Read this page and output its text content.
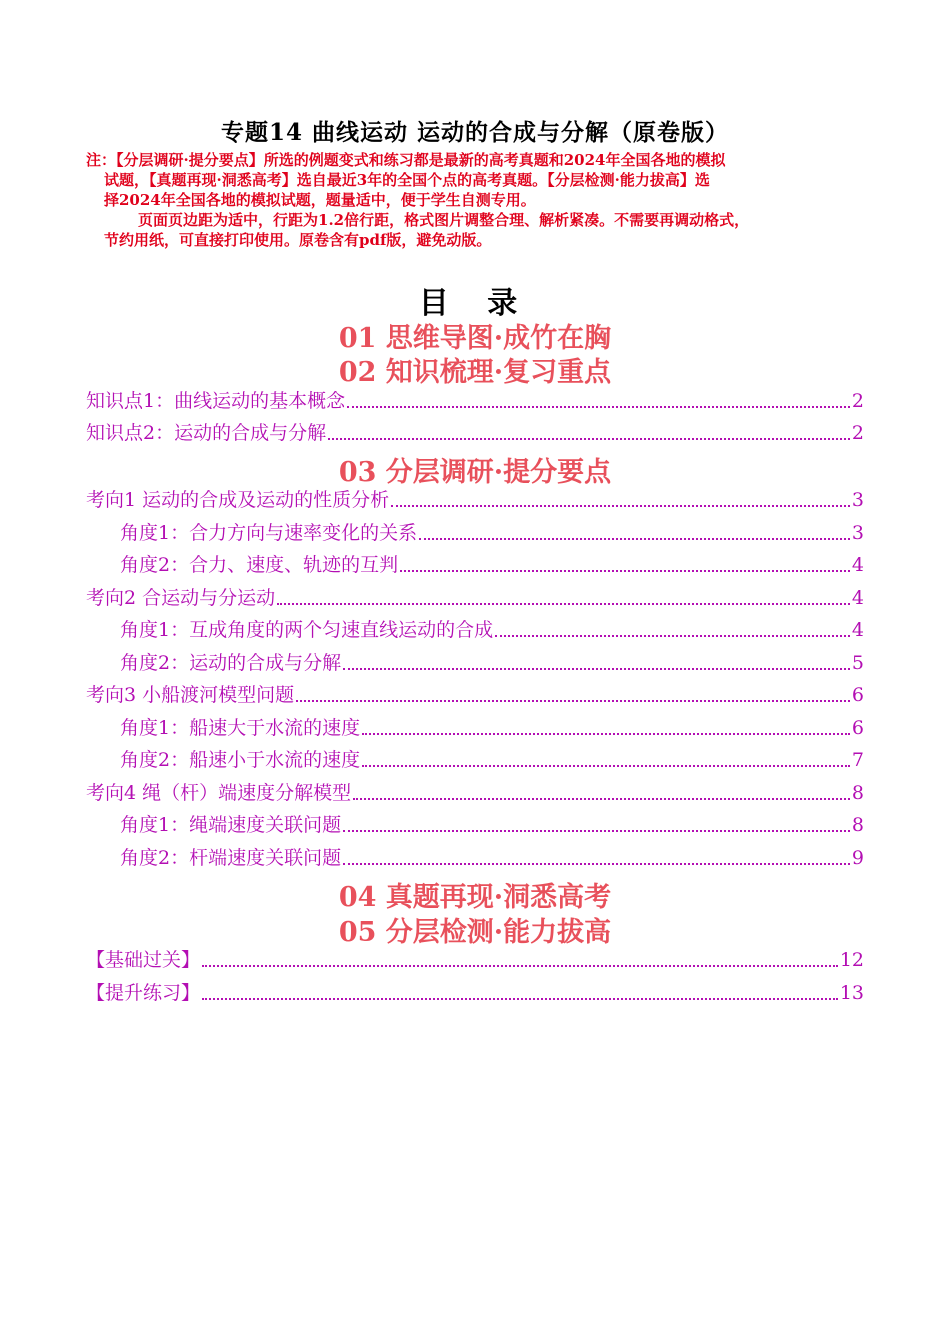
专题14 曲线运动 运动的合成与分解（原卷版）

注：【分层调研·提分要点】所选的例题变式和练习都是最新的高考真题和2024年全国各地的模拟

试题，【真题再现·洞悉高考】选自最近3年的全国个点的高考真题。【分层检测·能力拔高】选

择2024年全国各地的模拟试题，题量适中，便于学生自测专用。

页面页边距为适中，行距为1.2倍行距，格式图片调整合理、解析紧凑。不需要再调动格式，

节约用纸，可直接打印使用。原卷含有pdf版，避免动版。

目 录
01 思维导图·成竹在胸
02 知识梳理·复习重点
知识点1：曲线运动的基本概念	2
知识点2：运动的合成与分解	2
03 分层调研·提分要点
考向1 运动的合成及运动的性质分析	3
角度1：合力方向与速率变化的关系	3
角度2：合力、速度、轨迹的互判	4
考向2 合运动与分运动	4
角度1：互成角度的两个匀速直线运动的合成	4
角度2：运动的合成与分解	5
考向3 小船渡河模型问题	6
角度1：船速大于水流的速度	6
角度2：船速小于水流的速度	7
考向4 绳（杆）端速度分解模型	8
角度1：绳端速度关联问题	8
角度2：杆端速度关联问题	9
04 真题再现·洞悉高考
05 分层检测·能力拔高
【基础过关】	12
【提升练习】	13
